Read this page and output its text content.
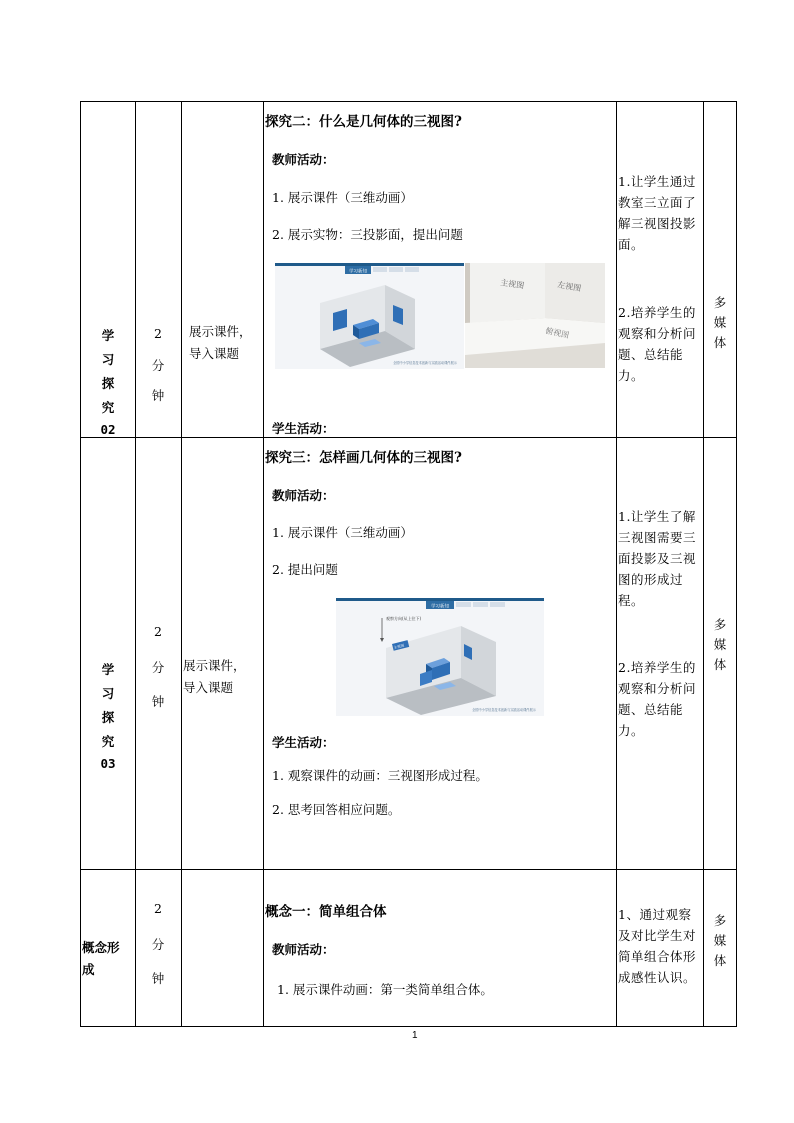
学
习
探
究
02
2
分
钟
展示课件，
导入课题
探究二：什么是几何体的三视图?
教师活动：
1. 展示课件（三维动画）
2. 展示实物：三投影面，提出问题
学习新知
全国中小学信息技术创新与实践活动课件展示
主视图	左视图
俯视图
学生活动：
1.让学生通过教室三立面了解三视图投影面。
2.培养学生的观察和分析问题、总结能力。
多
媒
体
学
习
探
究
03
2
分
钟
展示课件，
导入课题
探究三：怎样画几何体的三视图?
教师活动：
1. 展示课件（三维动画）
2. 提出问题
学习新知
观察方向(从上往下)
主视图
全国中小学信息技术创新与实践活动课件展示
学生活动：
1. 观察课件的动画：三视图形成过程。
2. 思考回答相应问题。
1.让学生了解三视图需要三面投影及三视图的形成过程。
2.培养学生的观察和分析问题、总结能力。
多
媒
体
概念形
成
2
分
钟
概念一：简单组合体
教师活动：
1. 展示课件动画：第一类简单组合体。
1、通过观察及对比学生对简单组合体形成感性认识。
多
媒
体
1
